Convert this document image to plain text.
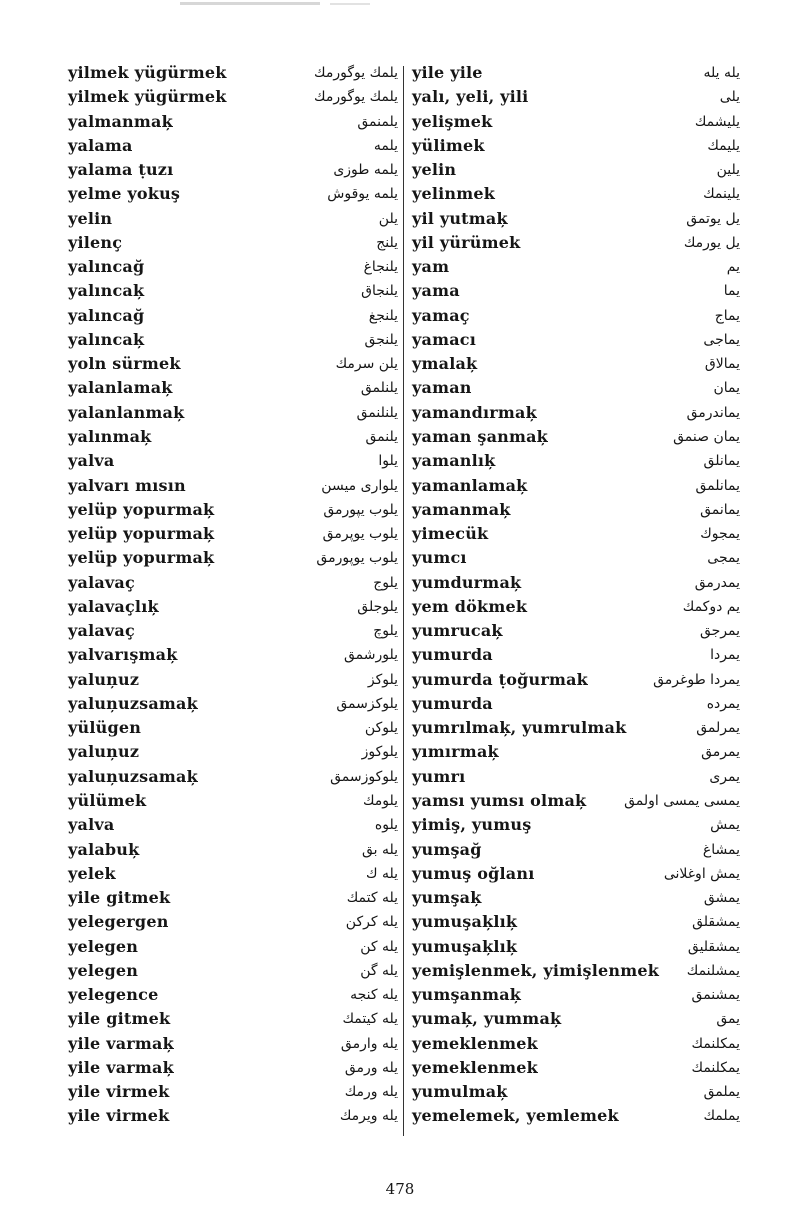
yilmek yügürmek	یلمك یوگورمك
yilmek yügürmek	یلمك یوگورمك
yalmanmaķ	یلمنمق
yalama	یلمه
yalama ṭuzı	یلمه طوزی
yelme yokuş	یلمه یوقوش
yelin	یلن
yilenç	یلنج
yalıncağ	یلنجاغ
yalıncaķ	یلنجاق
yalıncağ	یلنجغ
yalıncaķ	یلنجق
yoln sürmek	یلن سرمك
yalanlamaķ	یلنلمق
yalanlanmaķ	یلنلنمق
yalınmaķ	یلنمق
yalva	یلوا
yalvarı mısın	یلواری میسن
yelüp yopurmaķ	یلوب یپورمق
yelüp yopurmaķ	یلوب یوپرمق
yelüp yopurmaķ	یلوب یوپورمق
yalavaç	یلوج
yalavaçlıķ	یلوجلق
yalavaç	یلوچ
yalvarışmaķ	یلورشمق
yaluņuz	یلوکز
yaluņuzsamaķ	یلوکزسمق
yülügen	یلوکن
yaluņuz	یلوکوز
yaluņuzsamaķ	یلوکوزسمق
yülümek	یلومك
yalva	یلوه
yalabuķ	یله بق
yelek	یله ك
yile gitmek	یله کتمك
yelegergen	یله کرکن
yelegen	یله کن
yelegen	یله گن
yelegence	یله کنجه
yile gitmek	یله کیتمك
yile varmaķ	یله وارمق
yile varmaķ	یله ورمق
yile virmek	یله ورمك
yile virmek	یله ویرمك
yile yile	یله یله
yalı, yeli, yili	یلی
yelişmek	یلیشمك
yülimek	یلیمك
yelin	یلین
yelinmek	یلینمك
yil yutmaķ	یل یوتمق
yil yürümek	یل یورمك
yam	یم
yama	یما
yamaç	یماج
yamacı	یماجی
ymalaķ	یمالاق
yaman	یمان
yamandırmaķ	یماندرمق
yaman şanmaķ	یمان صنمق
yamanlıķ	یمانلق
yamanlamaķ	یمانلمق
yamanmaķ	یمانمق
yimecük	یمجوك
yumcı	یمجی
yumdurmaķ	یمدرمق
yem dökmek	یم دوکمك
yumrucaķ	یمرجق
yumurda	یمردا
yumurda ṭoğurmak	یمردا طوغرمق
yumurda	یمرده
yumrılmaķ, yumrulmak	یمرلمق
yımırmaķ	یمرمق
yumrı	یمری
yamsı yumsı olmaķ	یمسی یمسی اولمق
yimiş, yumuş	یمش
yumşağ	یمشاغ
yumuş oğlanı	یمش اوغلانی
yumşaķ	یمشق
yumuşaķlıķ	یمشقلق
yumuşaķlıķ	یمشقلیق
yemişlenmek, yimişlenmek یمشلنمك
yumşanmaķ	یمشنمق
yumaķ, yummaķ	یمق
yemeklenmek	یمکلنمك
yemeklenmek	یمكلنمك
yumulmaķ	یملمق
yemelemek, yemlemek	یملمك
478
